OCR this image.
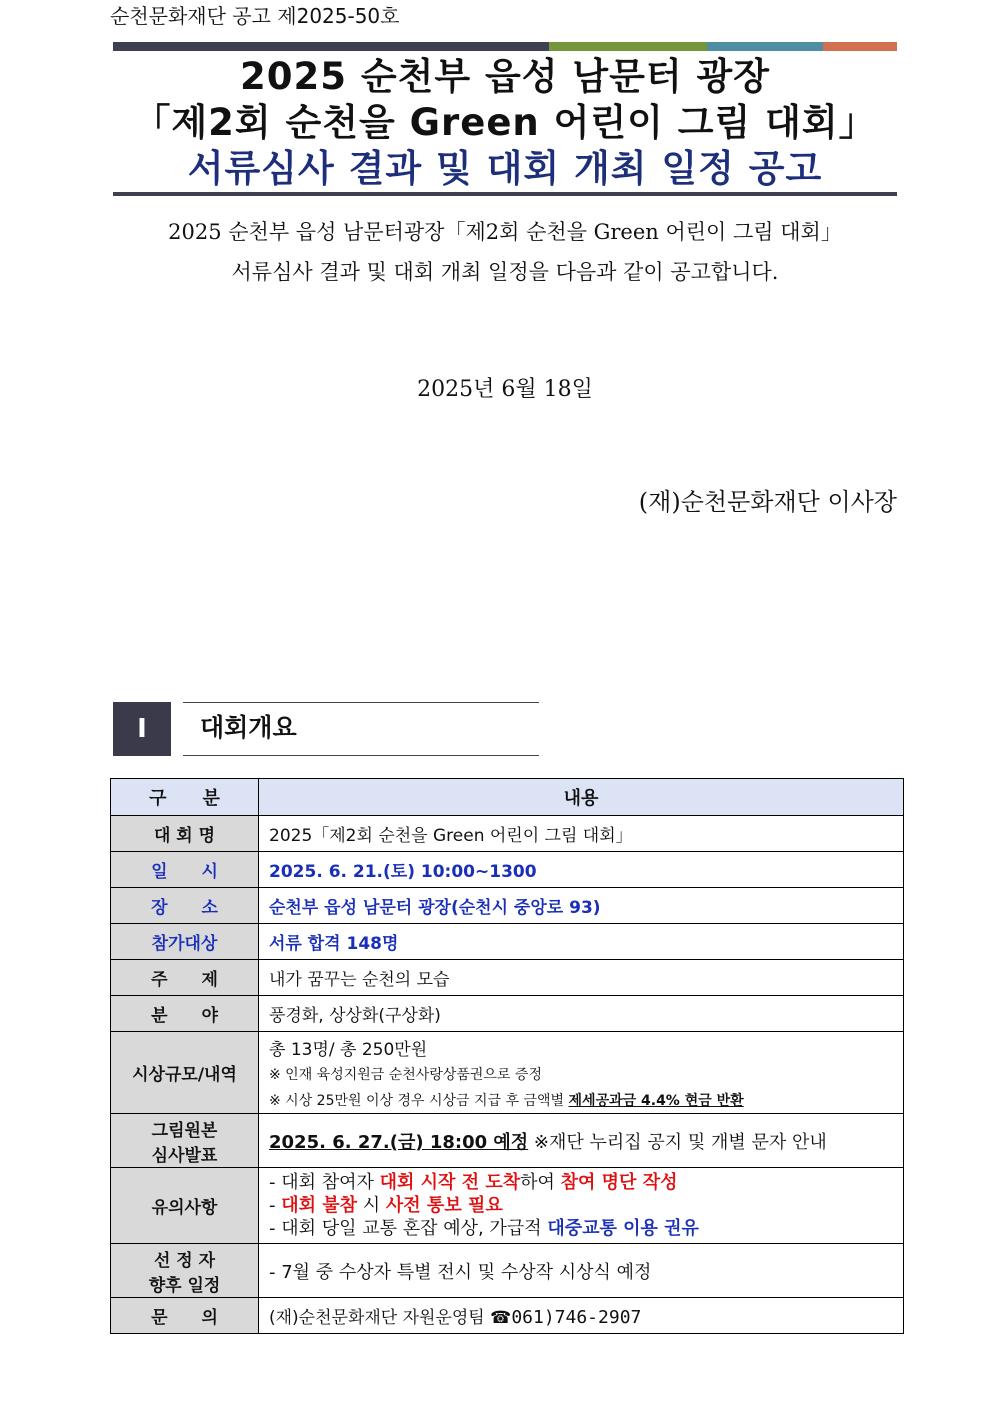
순천문화재단 공고 제2025-50호
2025 순천부 읍성 남문터 광장
「제2회 순천을 Green 어린이 그림 대회」
서류심사 결과 및 대회 개최 일정 공고
2025 순천부 읍성 남문터광장「제2회 순천을 Green 어린이 그림 대회」
서류심사 결과 및 대회 개최 일정을 다음과 같이 공고합니다.
2025년 6월 18일
(재)순천문화재단 이사장
Ⅰ	대회개요
구　　분	내용
대 회 명	2025「제2회 순천을 Green 어린이 그림 대회」
일　　시	2025. 6. 21.(토) 10:00~1300
장　　소	순천부 읍성 남문터 광장(순천시 중앙로 93)
참가대상	서류 합격 148명
주　　제	내가 꿈꾸는 순천의 모습
분　　야	풍경화, 상상화(구상화)
시상규모/내역	총 13명/ 총 250만원
※ 인재 육성지원금 순천사랑상품권으로 증정
※ 시상 25만원 이상 경우 시상금 지급 후 금액별 제세공과금 4.4% 현금 반환

그림원본
심사발표	2025. 6. 27.(금) 18:00 예정 ※재단 누리집 공지 및 개별 문자 안내
유의사항	- 대회 참여자 대회 시작 전 도착하여 참여 명단 작성
- 대회 불참 시 사전 통보 필요
- 대회 당일 교통 혼잡 예상, 가급적 대중교통 이용 권유

선 정 자
향후 일정	- 7월 중 수상자 특별 전시 및 수상작 시상식 예정
문　　의	(재)순천문화재단 자원운영팀 ☎061)746-2907
